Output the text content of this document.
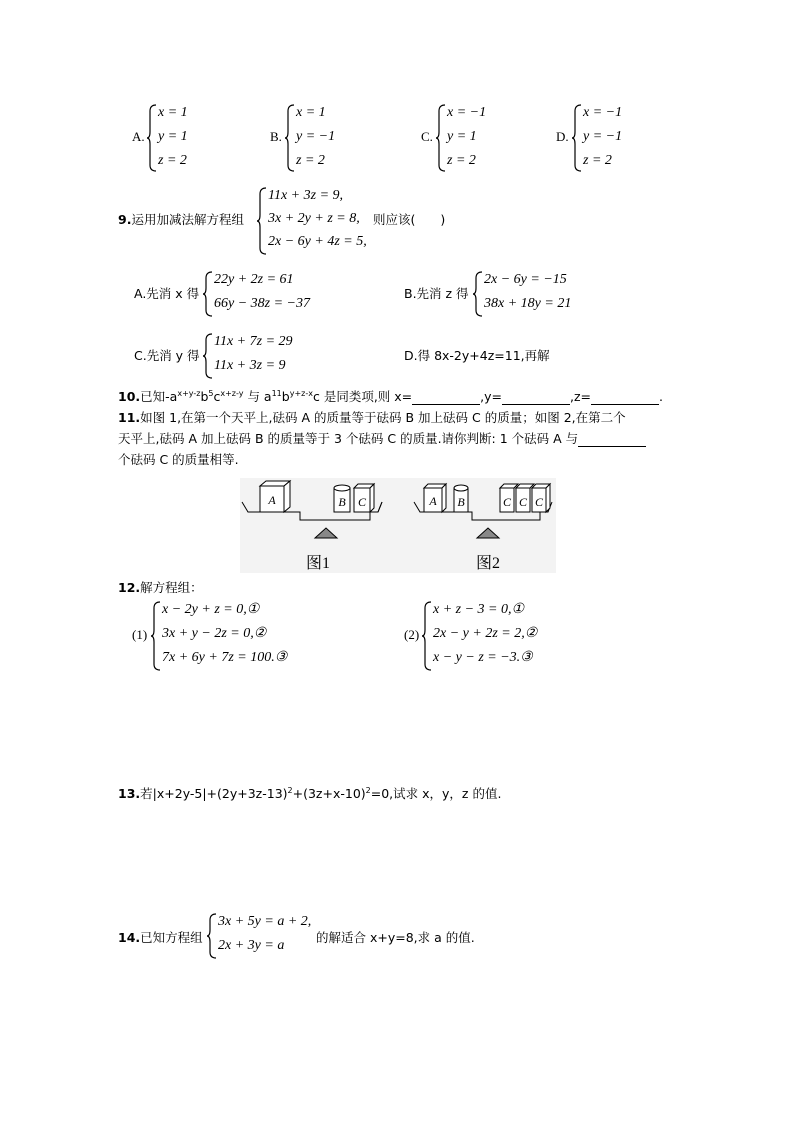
A.
x = 1
y = 1
z = 2
B.
x = 1
y = −1
z = 2
C.
x = −1
y = 1
z = 2
D.
x = −1
y = −1
z = 2
9.运用加减法解方程组
11x + 3z = 9,
3x + 2y + z = 8,
2x − 6y + 4z = 5,
则应该(　　)
A.先消 x 得
22y + 2z = 61
66y − 38z = −37
B.先消 z 得
2x − 6y = −15
38x + 18y = 21
C.先消 y 得
11x + 7z = 29
11x + 3z = 9
D.得 8x-2y+4z=11,再解
10.已知$-a^{x+y-z}b^5c^{x+z-y}$ 与 $a^{11}b^{y+z-x}c$ 是同类项,则 x=	,y=	,z=	.
11.如图 1,在第一个天平上,砝码 A 的质量等于砝码 B 加上砝码 C 的质量；如图 2,在第二个
天平上,砝码 A 加上砝码 B 的质量等于 3 个砝码 C 的质量.请你判断: 1 个砝码 A 与
个砝码 C 的质量相等.
A	B C	A B	C C C
图1	图2
12.解方程组：
(1)
x − 2y + z = 0,①
3x + y − 2z = 0,②
7x + 6y + 7z = 100.③
(2)
x + z − 3 = 0,①
2x − y + 2z = 2,②
x − y − z = −3.③
13.若$|x+2y-5|+(2y+3z-13)^2+(3z+x-10)^2=0$,试求 x，y，z 的值.
14.已知方程组
3x + 5y = a + 2,
2x + 3y = a
的解适合 x+y=8,求 a 的值.
